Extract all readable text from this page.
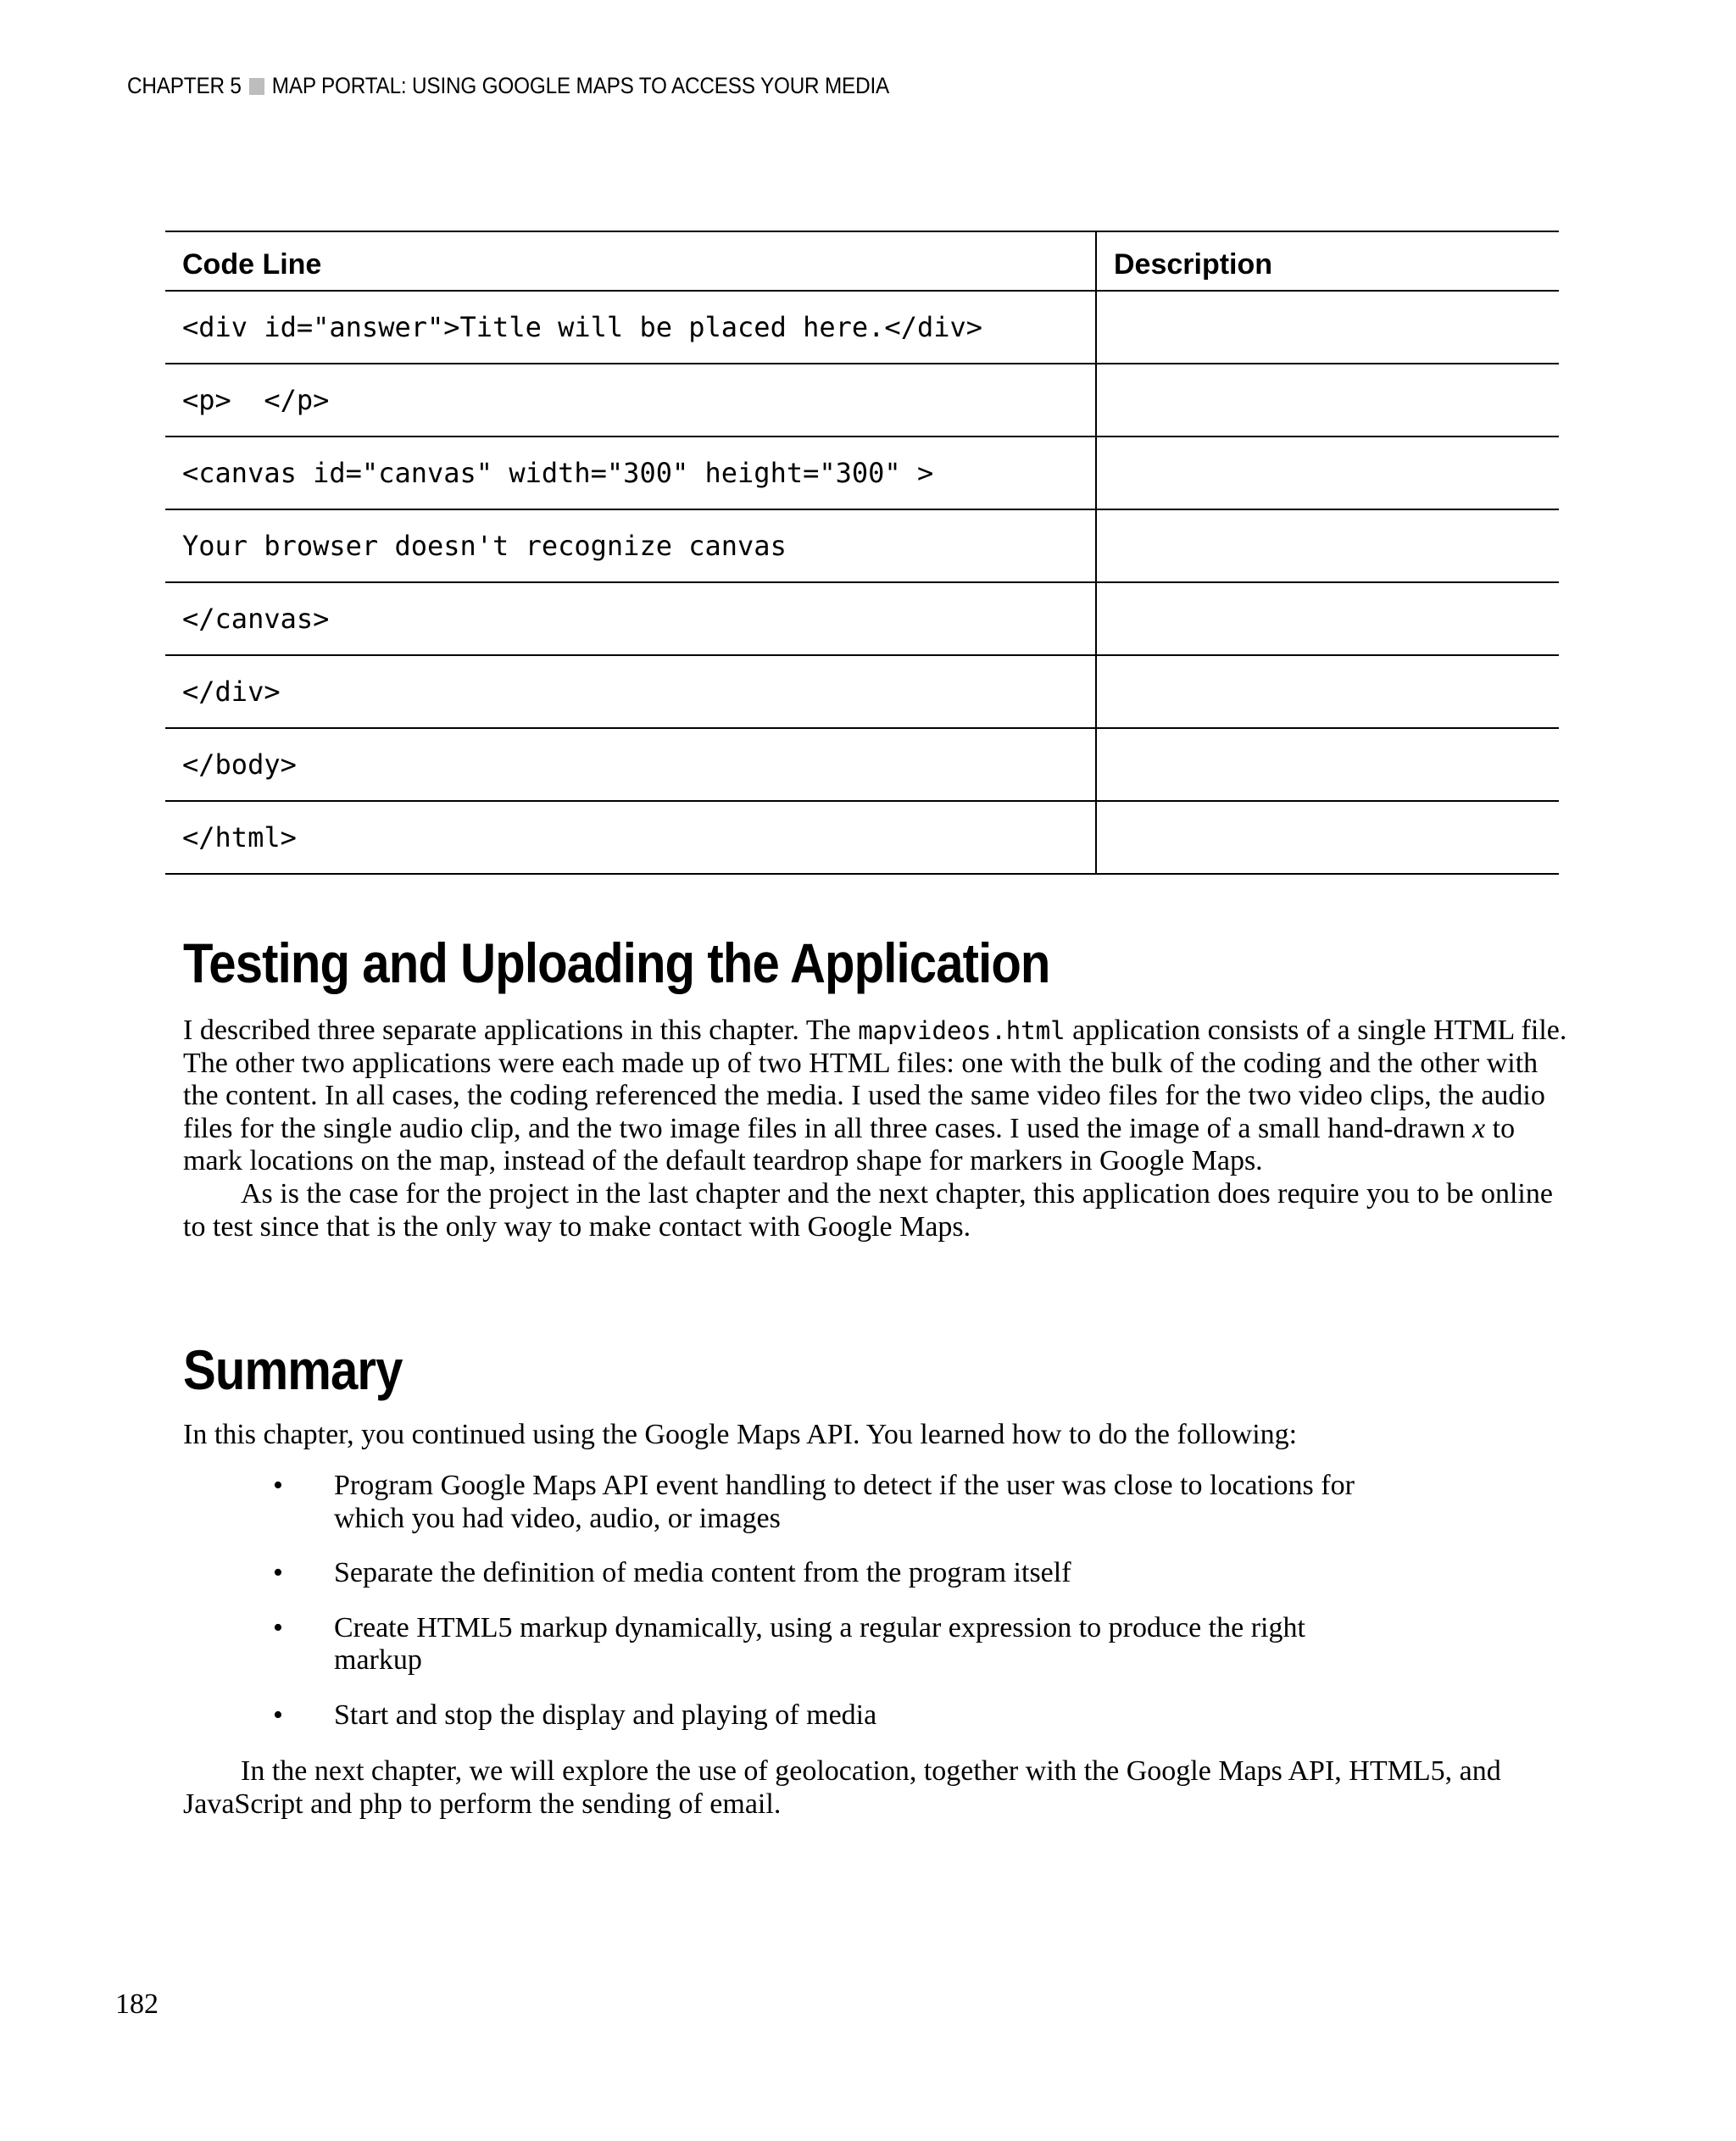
CHAPTER 5 MAP PORTAL: USING GOOGLE MAPS TO ACCESS YOUR MEDIA
Code Line	Description
<div id="answer">Title will be placed here.</div>	
<p>  </p>	
<canvas id="canvas" width="300" height="300" >	
Your browser doesn't recognize canvas	
</canvas>	
</div>	
</body>	
</html>	
Testing and Uploading the Application

I described three separate applications in this chapter. The mapvideos.html application consists of a single HTML file. The other two applications were each made up of two HTML files: one with the bulk of the coding and the other with the content. In all cases, the coding referenced the media. I used the same video files for the two video clips, the audio files for the single audio clip, and the two image files in all three cases. I used the image of a small hand-drawn x to mark locations on the map, instead of the default teardrop shape for markers in Google Maps.

As is the case for the project in the last chapter and the next chapter, this application does require you to be online to test since that is the only way to make contact with Google Maps.

Summary

In this chapter, you continued using the Google Maps API. You learned how to do the following:

• Program Google Maps API event handling to detect if the user was close to locations for which you had video, audio, or images
• Separate the definition of media content from the program itself
• Create HTML5 markup dynamically, using a regular expression to produce the right markup
• Start and stop the display and playing of media

In the next chapter, we will explore the use of geolocation, together with the Google Maps API, HTML5, and JavaScript and php to perform the sending of email.

182
